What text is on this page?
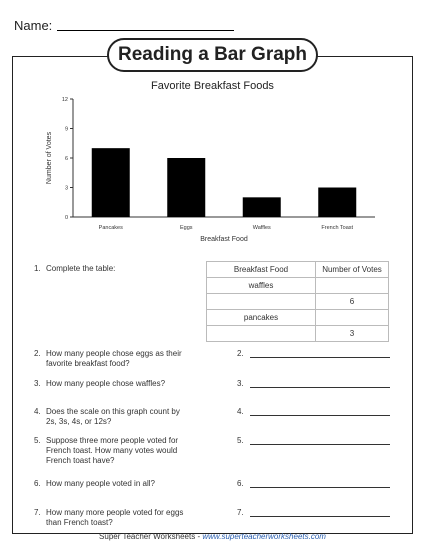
Name:
Reading a Bar Graph
Favorite Breakfast Foods
0
3
6
9
12
Pancakes	Eggs	Waffles	French Toast
Breakfast Food
Number of Votes
1. Complete the table:	Breakfast Food	Number of Votes
waffles	
	6
pancakes	
	3
2. How many people chose eggs as their
favorite breakfast food?
2.
3. How many people chose waffles?	3.
4. Does the scale on this graph count by
2s, 3s, 4s, or 12s?
4.
5. Suppose three more people voted for
French toast. How many votes would
French toast have?
5.
6. How many people voted in all?	6.
7. How many more people voted for eggs
than French toast?
7.
Super Teacher Worksheets - www.superteacherworksheets.com
